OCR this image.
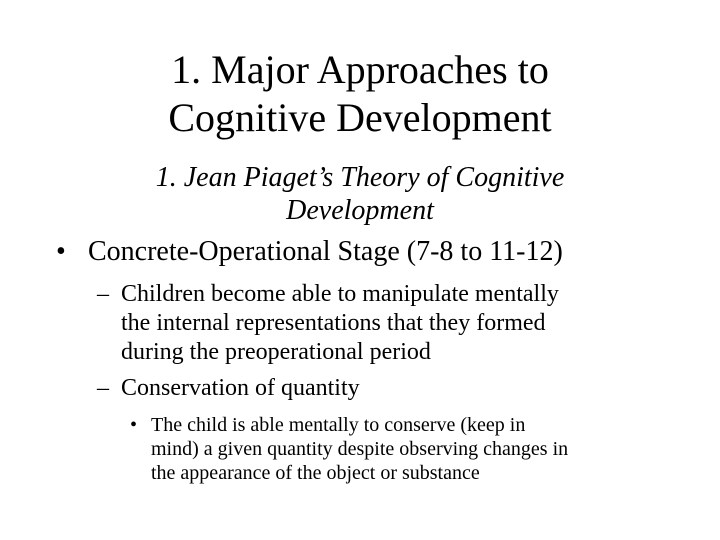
1. Major Approaches to
Cognitive Development
1. Jean Piaget’s Theory of Cognitive
Development
• Concrete-Operational Stage (7-8 to 11-12)
– Children become able to manipulate mentally
the internal representations that they formed
during the preoperational period
– Conservation of quantity
• The child is able mentally to conserve (keep in
mind) a given quantity despite observing changes in
the appearance of the object or substance
